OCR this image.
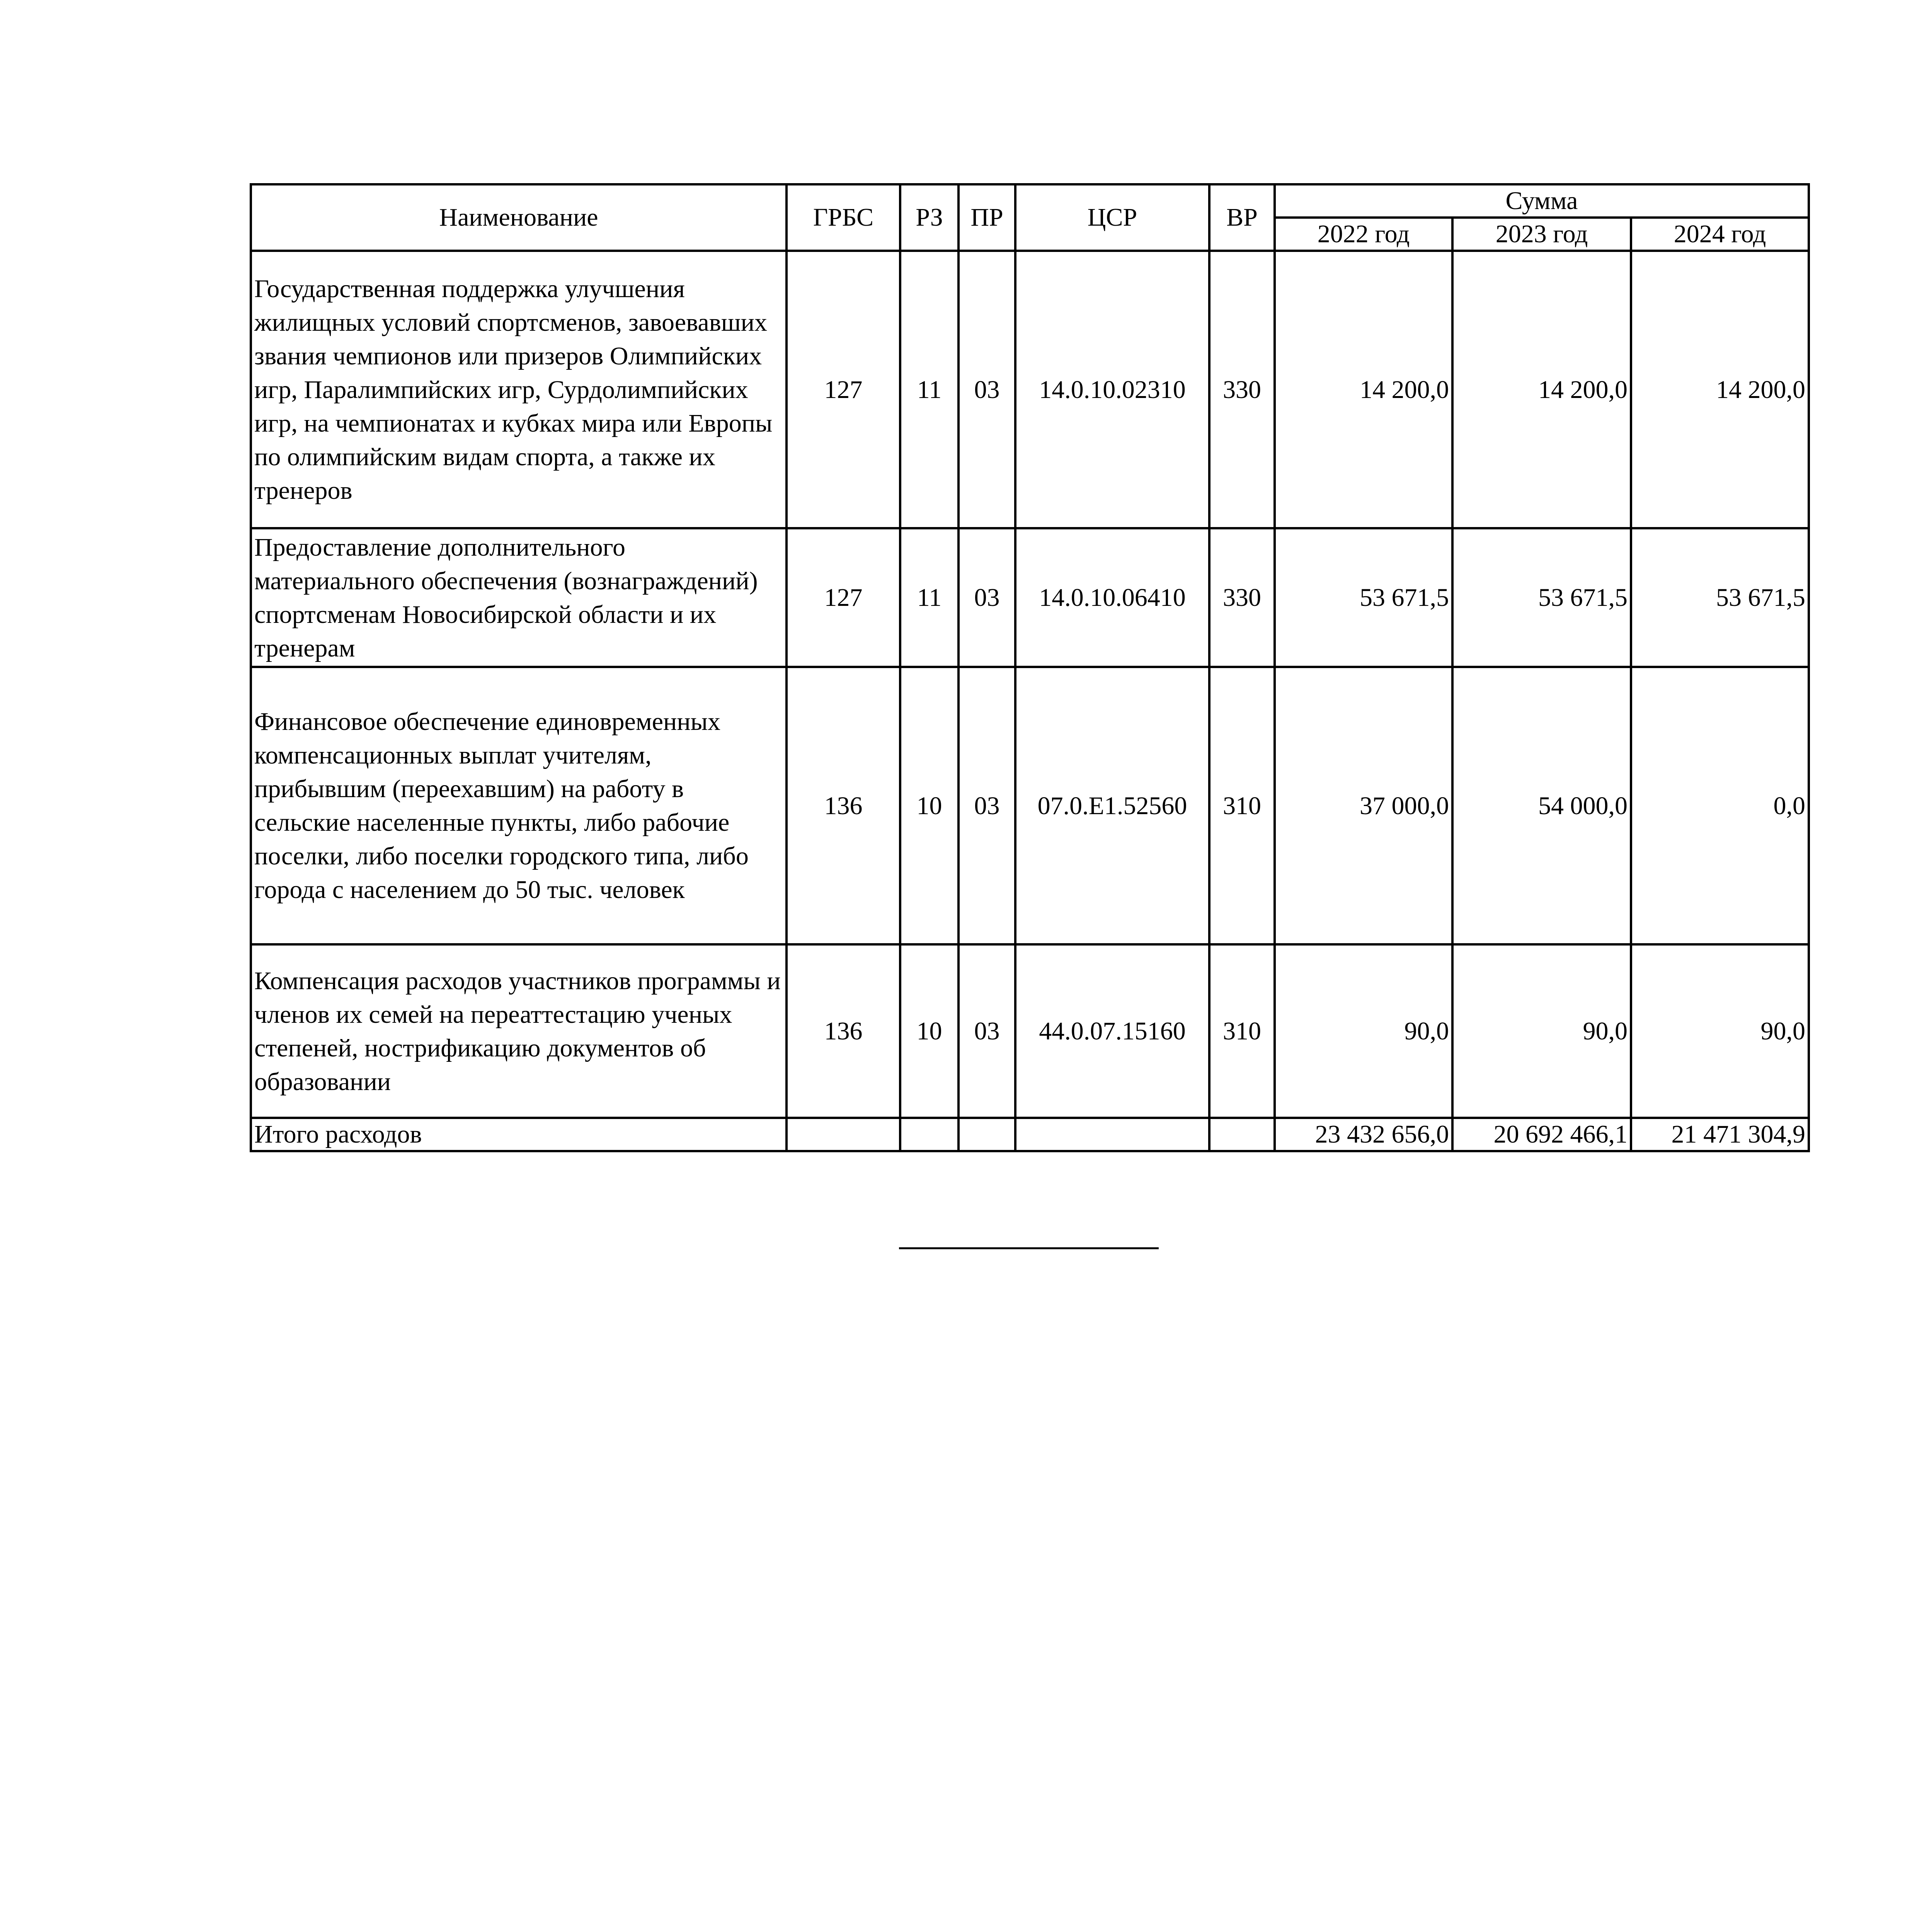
Наименование	ГРБС	РЗ	ПР	ЦСР	ВР	Сумма		
						2022 год	2023 год	2024 год
Государственная поддержка улучшения жилищных условий спортсменов, завоевавших звания чемпионов или призеров Олимпийских игр, Паралимпийских игр, Сурдолимпийских игр, на чемпионатах и кубках мира или Европы по олимпийским видам спорта, а также их тренеров	127	11	03	14.0.10.02310	330	14 200,0	14 200,0	14 200,0
Предоставление дополнительного материального обеспечения (вознаграждений) спортсменам Новосибирской области и их тренерам	127	11	03	14.0.10.06410	330	53 671,5	53 671,5	53 671,5
Финансовое обеспечение единовременных компенсационных выплат учителям, прибывшим (переехавшим) на работу в сельские населенные пункты, либо рабочие поселки, либо поселки городского типа, либо города с населением до 50 тыс. человек	136	10	03	07.0.E1.52560	310	37 000,0	54 000,0	0,0
Компенсация расходов участников программы и членов их семей на переаттестацию ученых степеней, нострификацию документов об образовании	136	10	03	44.0.07.15160	310	90,0	90,0	90,0
Итого расходов						23 432 656,0	20 692 466,1	21 471 304,9
